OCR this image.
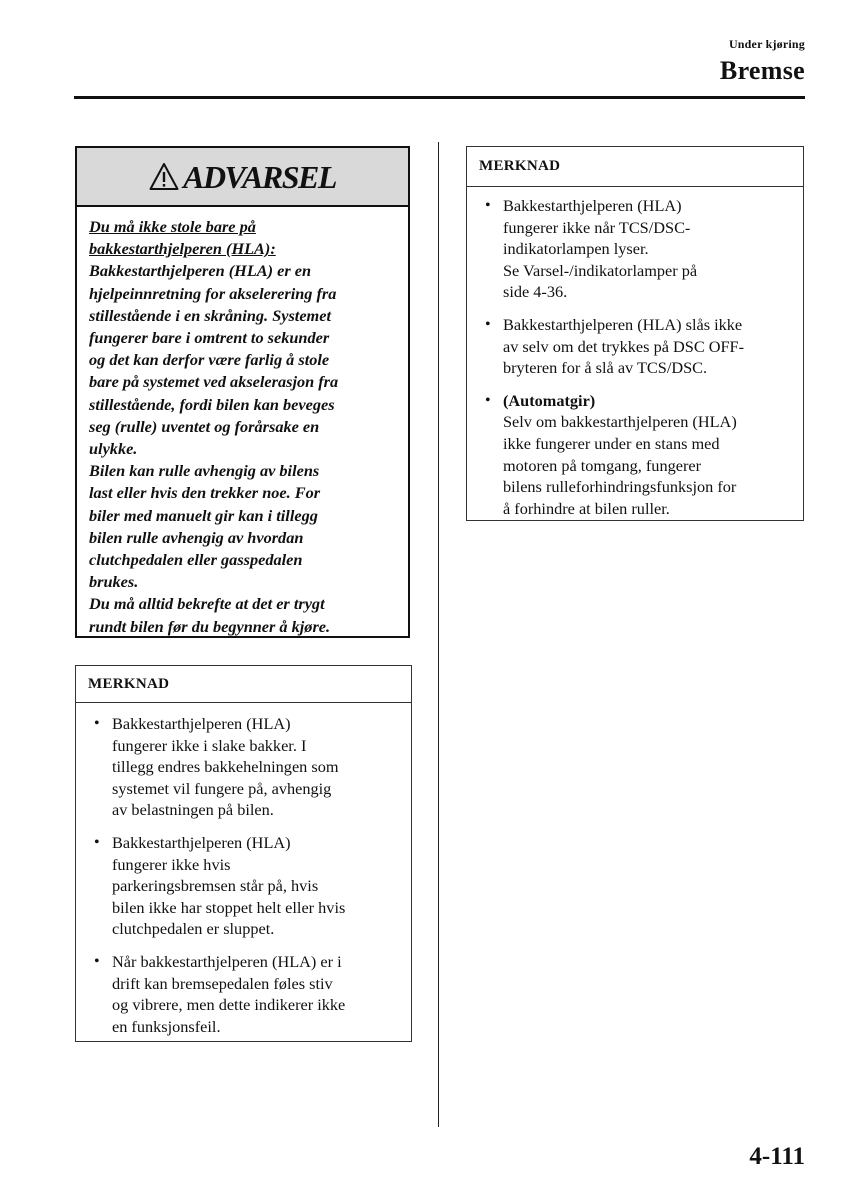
Under kjøring
Bremse
ADVARSEL

Du må ikke stole bare på

bakkestarthjelperen (HLA):

Bakkestarthjelperen (HLA) er en

hjelpeinnretning for akselerering fra

stillestående i en skråning. Systemet

fungerer bare i omtrent to sekunder

og det kan derfor være farlig å stole

bare på systemet ved akselerasjon fra

stillestående, fordi bilen kan beveges

seg (rulle) uventet og forårsake en

ulykke.

Bilen kan rulle avhengig av bilens

last eller hvis den trekker noe. For

biler med manuelt gir kan i tillegg

bilen rulle avhengig av hvordan

clutchpedalen eller gasspedalen

brukes.

Du må alltid bekrefte at det er trygt

rundt bilen før du begynner å kjøre.

MERKNAD
• Bakkestarthjelperen (HLA)
fungerer ikke i slake bakker. I
tillegg endres bakkehelningen som
systemet vil fungere på, avhengig
av belastningen på bilen.
• Bakkestarthjelperen (HLA)
fungerer ikke hvis
parkeringsbremsen står på, hvis
bilen ikke har stoppet helt eller hvis
clutchpedalen er sluppet.
• Når bakkestarthjelperen (HLA) er i
drift kan bremsepedalen føles stiv
og vibrere, men dette indikerer ikke
en funksjonsfeil.
MERKNAD
• Bakkestarthjelperen (HLA)
fungerer ikke når TCS/DSC-
indikatorlampen lyser.
Se Varsel-/indikatorlamper på
side 4-36.
• Bakkestarthjelperen (HLA) slås ikke
av selv om det trykkes på DSC OFF-
bryteren for å slå av TCS/DSC.
• (Automatgir)
Selv om bakkestarthjelperen (HLA)
ikke fungerer under en stans med
motoren på tomgang, fungerer
bilens rulleforhindringsfunksjon for
å forhindre at bilen ruller.
4-111
